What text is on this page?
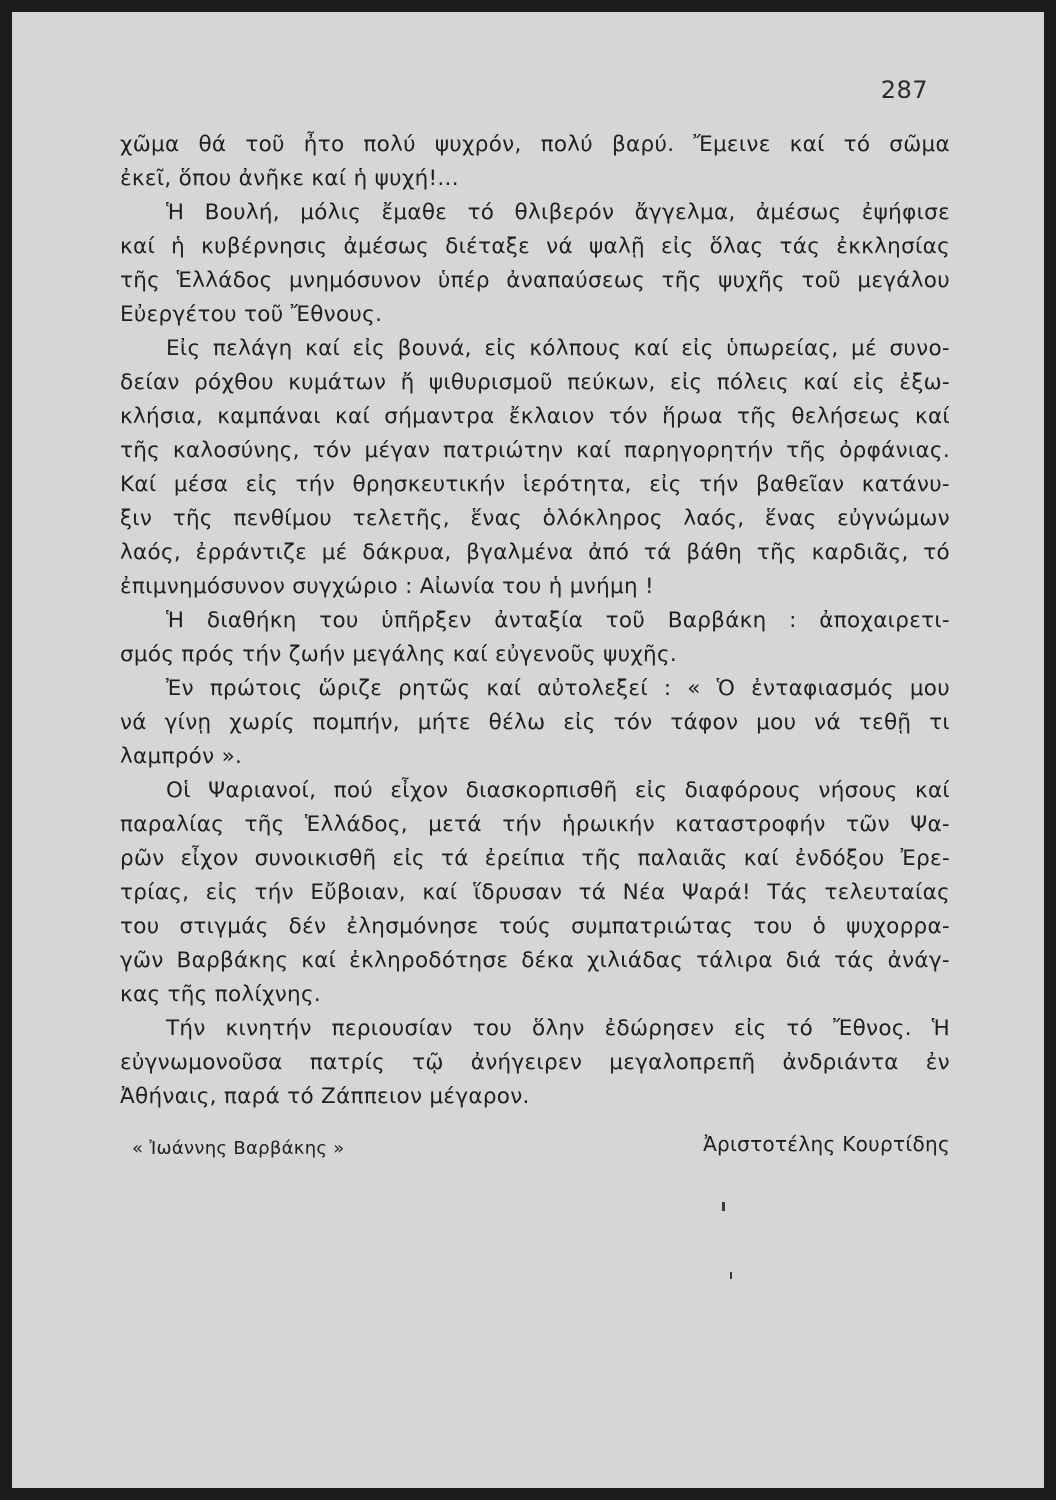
287
χῶμα θά τοῦ ἦτο πολύ ψυχρόν, πολύ βαρύ. Ἔμεινε καί τό σῶμα
ἐκεῖ, ὅπου ἀνῆκε καί ἡ ψυχή!...
Ἡ Βουλή, μόλις ἔμαθε τό θλιβερόν ἄγγελμα, ἀμέσως ἐψήφισε
καί ἡ κυβέρνησις ἀμέσως διέταξε νά ψαλῇ εἰς ὅλας τάς ἐκκλησίας
τῆς Ἑλλάδος μνημόσυνον ὑπέρ ἀναπαύσεως τῆς ψυχῆς τοῦ μεγάλου
Εὐεργέτου τοῦ Ἔθνους.
Εἰς πελάγη καί εἰς βουνά, εἰς κόλπους καί εἰς ὑπωρείας, μέ συνο-
δείαν ρόχθου κυμάτων ἤ ψιθυρισμοῦ πεύκων, εἰς πόλεις καί εἰς ἐξω-
κλήσια, καμπάναι καί σήμαντρα ἔκλαιον τόν ἥρωα τῆς θελήσεως καί
τῆς καλοσύνης, τόν μέγαν πατριώτην καί παρηγορητήν τῆς ὀρφάνιας.
Καί μέσα εἰς τήν θρησκευτικήν ἱερότητα, εἰς τήν βαθεῖαν κατάνυ-
ξιν τῆς πενθίμου τελετῆς, ἕνας ὁλόκληρος λαός, ἕνας εὐγνώμων
λαός, ἐρράντιζε μέ δάκρυα, βγαλμένα ἀπό τά βάθη τῆς καρδιᾶς, τό
ἐπιμνημόσυνον συγχώριο : Αἰωνία του ἡ μνήμη !
Ἡ διαθήκη του ὑπῆρξεν ἀνταξία τοῦ Βαρβάκη : ἀποχαιρετι-
σμός πρός τήν ζωήν μεγάλης καί εὐγενοῦς ψυχῆς.
Ἐν πρώτοις ὥριζε ρητῶς καί αὐτολεξεί : « Ὁ ἐνταφιασμός μου
νά γίνῃ χωρίς πομπήν, μήτε θέλω εἰς τόν τάφον μου νά τεθῇ τι
λαμπρόν ».
Οἱ Ψαριανοί, πού εἶχον διασκορπισθῆ εἰς διαφόρους νήσους καί
παραλίας τῆς Ἑλλάδος, μετά τήν ἡρωικήν καταστροφήν τῶν Ψα-
ρῶν εἶχον συνοικισθῆ εἰς τά ἐρείπια τῆς παλαιᾶς καί ἐνδόξου Ἐρε-
τρίας, εἰς τήν Εὔβοιαν, καί ἵδρυσαν τά Νέα Ψαρά! Τάς τελευταίας
του στιγμάς δέν ἐλησμόνησε τούς συμπατριώτας του ὁ ψυχορρα-
γῶν Βαρβάκης καί ἐκληροδότησε δέκα χιλιάδας τάλιρα διά τάς ἀνάγ-
κας τῆς πολίχνης.
Τήν κινητήν περιουσίαν του ὅλην ἐδώρησεν εἰς τό Ἔθνος. Ἡ
εὐγνωμονοῦσα πατρίς τῷ ἀνήγειρεν μεγαλοπρεπῆ ἀνδριάντα ἐν
Ἀθήναις, παρά τό Ζάππειον μέγαρον.
« Ἰωάννης Βαρβάκης »	Ἀριστοτέλης Κουρτίδης
